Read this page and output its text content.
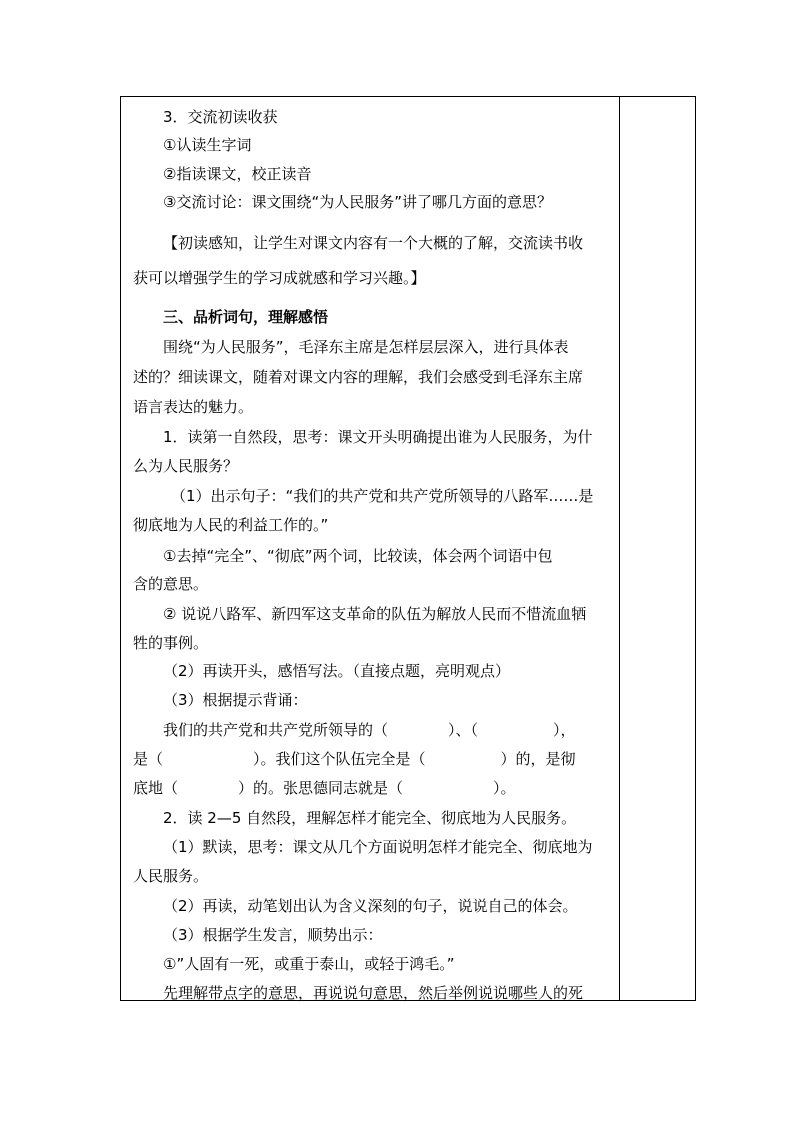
3．交流初读收获
①认读生字词
②指读课文，校正读音
③交流讨论：课文围绕“为人民服务”讲了哪几方面的意思？
【初读感知，让学生对课文内容有一个大概的了解，交流读书收
获可以增强学生的学习成就感和学习兴趣。】
三、品析词句，理解感悟
围绕“为人民服务”，毛泽东主席是怎样层层深入，进行具体表
述的？细读课文，随着对课文内容的理解，我们会感受到毛泽东主席
语言表达的魅力。
1．读第一自然段，思考：课文开头明确提出谁为人民服务，为什
么为人民服务？
（1）出示句子：“我们的共产党和共产党所领导的八路军……是
彻底地为人民的利益工作的。”
①去掉“完全”、“彻底”两个词，比较读，体会两个词语中包
含的意思。
② 说说八路军、新四军这支革命的队伍为解放人民而不惜流血牺
牲的事例。
（2）再读开头，感悟写法。（直接点题，亮明观点）
（3）根据提示背诵：
我们的共产党和共产党所领导的（　　　　）、（　　　　　），
是（　　　　　　）。我们这个队伍完全是（　　　　　）的，是彻
底地（　　　　）的。张思德同志就是（　　　　　　）。
2．读 2—5 自然段，理解怎样才能完全、彻底地为人民服务。
（1）默读，思考：课文从几个方面说明怎样才能完全、彻底地为
人民服务。
（2）再读，动笔划出认为含义深刻的句子，说说自己的体会。
（3）根据学生发言，顺势出示：
①”人固有一死，或重于泰山，或轻于鸿毛。”
先理解带点字的意思，再说说句意思，然后举例说说哪些人的死
